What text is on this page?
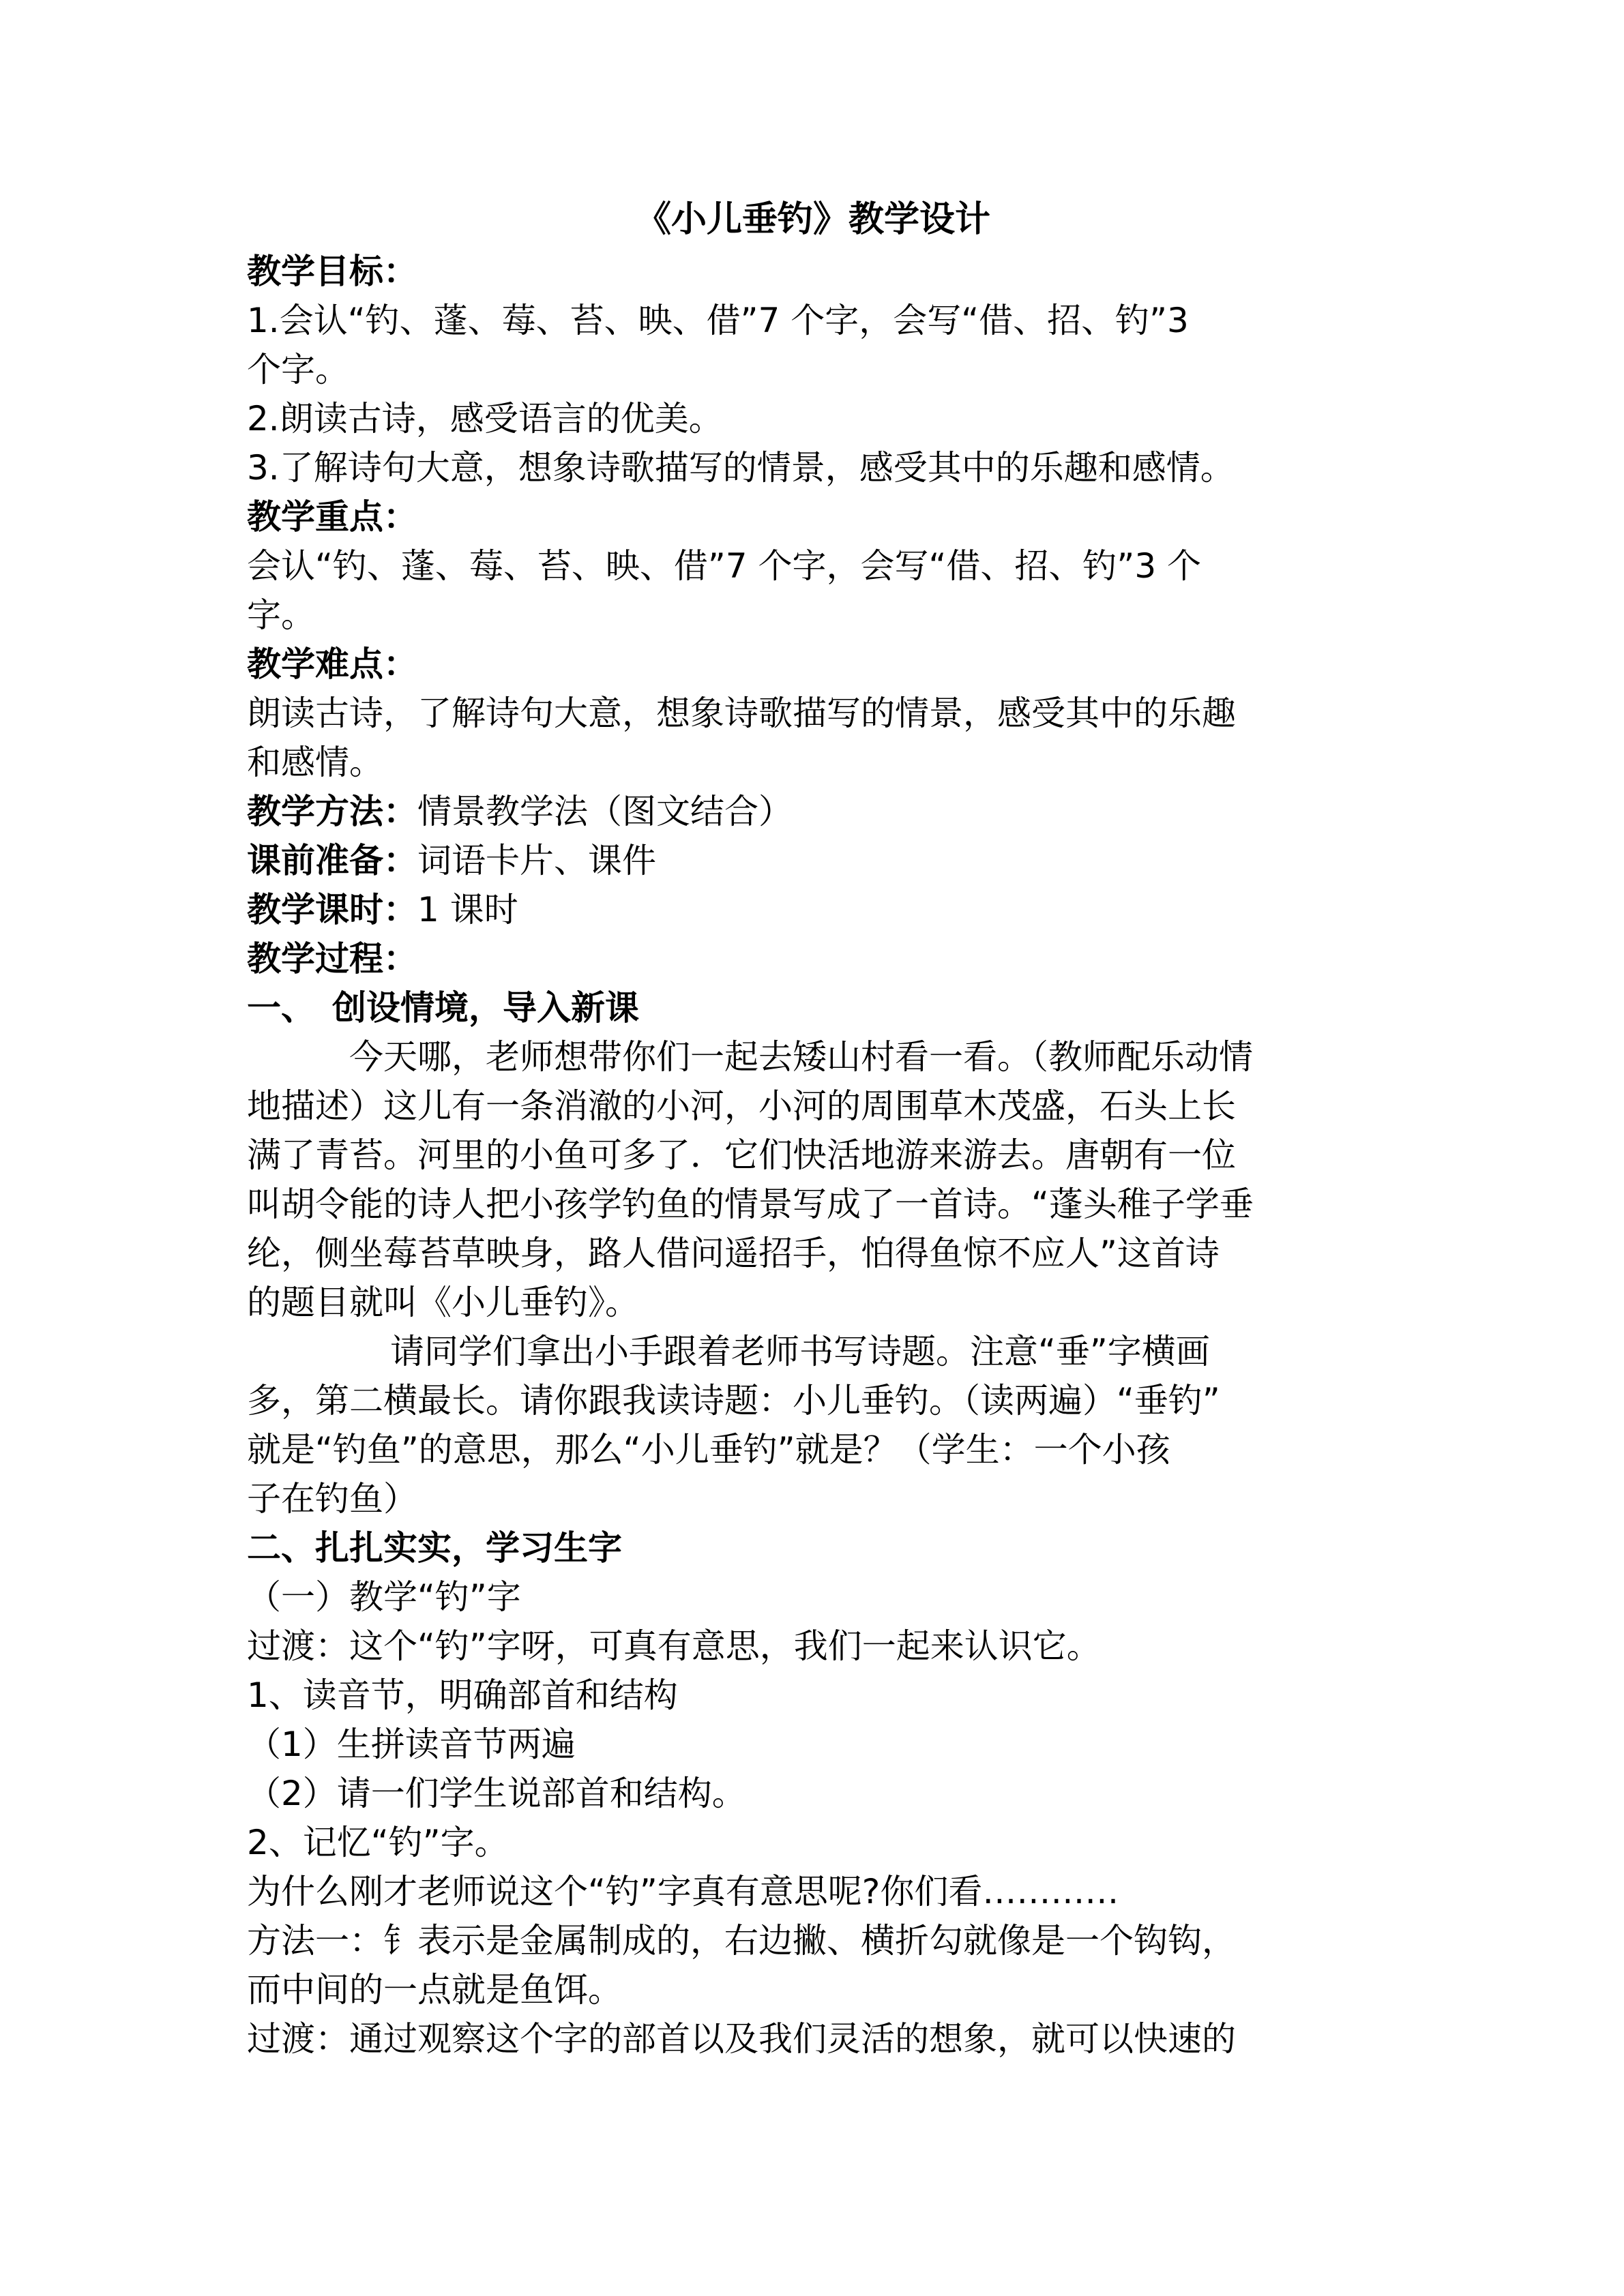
《小儿垂钓》教学设计
教学目标：
1.会认“钓、蓬、莓、苔、映、借”7 个字，会写“借、招、钓”3
个字。
2.朗读古诗，感受语言的优美。
3.了解诗句大意，想象诗歌描写的情景，感受其中的乐趣和感情。
教学重点：
会认“钓、蓬、莓、苔、映、借”7 个字，会写“借、招、钓”3 个
字。
教学难点：
朗读古诗，了解诗句大意，想象诗歌描写的情景，感受其中的乐趣
和感情。
教学方法：情景教学法（图文结合）
课前准备：词语卡片、课件
教学课时：1 课时
教学过程：
一、　创设情境，导入新课
今天哪，老师想带你们一起去矮山村看一看。（教师配乐动情
地描述）这儿有一条消澈的小河，小河的周围草木茂盛，石头上长
满了青苔。河里的小鱼可多了．它们快活地游来游去。唐朝有一位
叫胡令能的诗人把小孩学钓鱼的情景写成了一首诗。“蓬头稚子学垂
纶，侧坐莓苔草映身，路人借问遥招手，怕得鱼惊不应人”这首诗
的题目就叫《小儿垂钓》。
请同学们拿出小手跟着老师书写诗题。注意“垂”字横画
多，第二横最长。请你跟我读诗题：小儿垂钓。（读两遍）“垂钓”
就是“钓鱼”的意思，那么“小儿垂钓”就是？（学生：一个小孩
子在钓鱼）
二、扎扎实实，学习生字
（一）教学“钓”字
过渡：这个“钓”字呀，可真有意思，我们一起来认识它。
1、读音节，明确部首和结构
（1）生拼读音节两遍
（2）请一们学生说部首和结构。
2、记忆“钓”字。
为什么刚才老师说这个“钓”字真有意思呢?你们看…………
方法一：钅表示是金属制成的，右边撇、横折勾就像是一个钩钩，
而中间的一点就是鱼饵。
过渡：通过观察这个字的部首以及我们灵活的想象，就可以快速的
